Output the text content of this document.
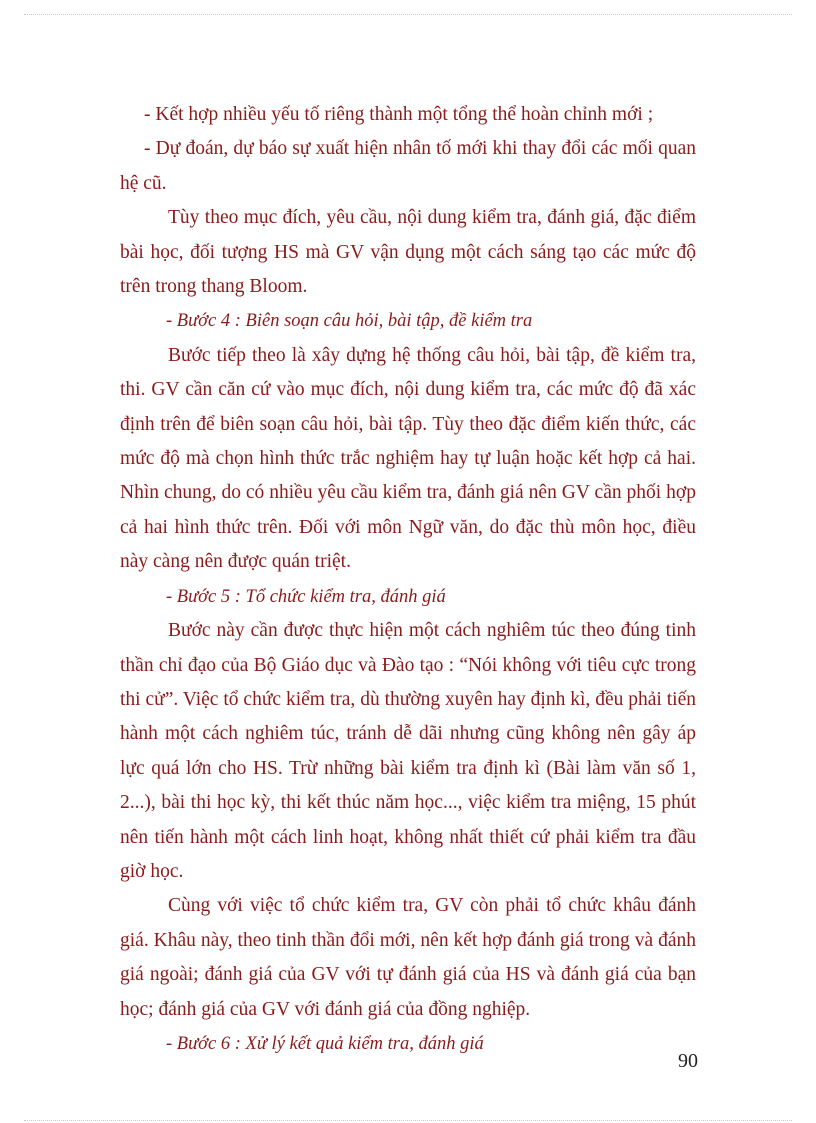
- Kết hợp nhiều yếu tố riêng thành một tổng thể hoàn chỉnh mới ;

- Dự đoán, dự báo sự xuất hiện nhân tố mới khi thay đổi các mối quan hệ cũ.

Tùy theo mục đích, yêu cầu, nội dung kiểm tra, đánh giá, đặc điểm bài học, đối tượng HS mà GV vận dụng một cách sáng tạo các mức độ trên trong thang Bloom.

- Bước 4 : Biên soạn câu hỏi, bài tập, đề kiểm tra

Bước tiếp theo là xây dựng hệ thống câu hỏi, bài tập, đề kiểm tra, thi. GV cần căn cứ vào mục đích, nội dung kiểm tra, các mức độ đã xác định trên để biên soạn câu hỏi, bài tập. Tùy theo đặc điểm kiến thức, các mức độ mà chọn hình thức trắc nghiệm hay tự luận hoặc kết hợp cả hai. Nhìn chung, do có nhiều yêu cầu kiểm tra, đánh giá nên GV cần phối hợp cả hai hình thức trên. Đối với môn Ngữ văn, do đặc thù môn học, điều này càng nên được quán triệt.

- Bước 5 : Tổ chức kiểm tra, đánh giá

Bước này cần được thực hiện một cách nghiêm túc theo đúng tinh thần chỉ đạo của Bộ Giáo dục và Đào tạo : “Nói không với tiêu cực trong thi cử”. Việc tổ chức kiểm tra, dù thường xuyên hay định kì, đều phải tiến hành một cách nghiêm túc, tránh dễ dãi nhưng cũng không nên gây áp lực quá lớn cho HS. Trừ những bài kiểm tra định kì (Bài làm văn số 1, 2...), bài thi học kỳ, thi kết thúc năm học..., việc kiểm tra miệng, 15 phút nên tiến hành một cách linh hoạt, không nhất thiết cứ phải kiểm tra đầu giờ học.

Cùng với việc tổ chức kiểm tra, GV còn phải tổ chức khâu đánh giá. Khâu này, theo tinh thần đổi mới, nên kết hợp đánh giá trong và đánh giá ngoài; đánh giá của GV với tự đánh giá của HS và đánh giá của bạn học; đánh giá của GV với đánh giá của đồng nghiệp.

- Bước 6 : Xử lý kết quả kiểm tra, đánh giá

90
